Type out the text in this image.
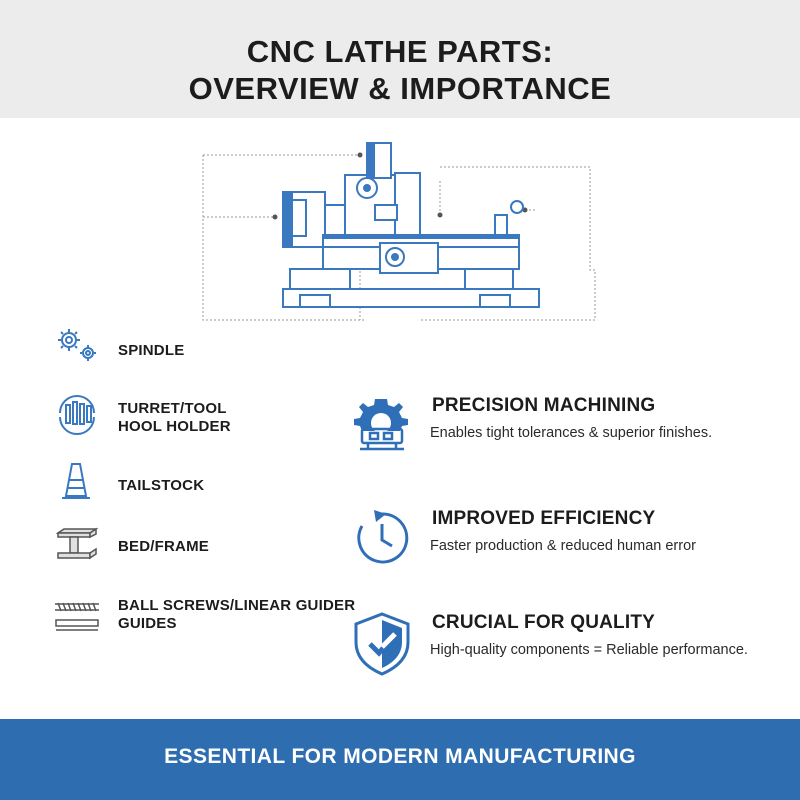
CNC LATHE PARTS:
OVERVIEW & IMPORTANCE
SPINDLE
TURRET/TOOL
HOOL HOLDER
TAILSTOCK
BED/FRAME
BALL SCREWS/LINEAR GUIDER
GUIDES
PRECISION MACHINING
Enables tight tolerances & superior finishes.
IMPROVED EFFICIENCY
Faster production & reduced human error
CRUCIAL FOR QUALITY
High-quality components = Reliable performance.
ESSENTIAL FOR MODERN MANUFACTURING
